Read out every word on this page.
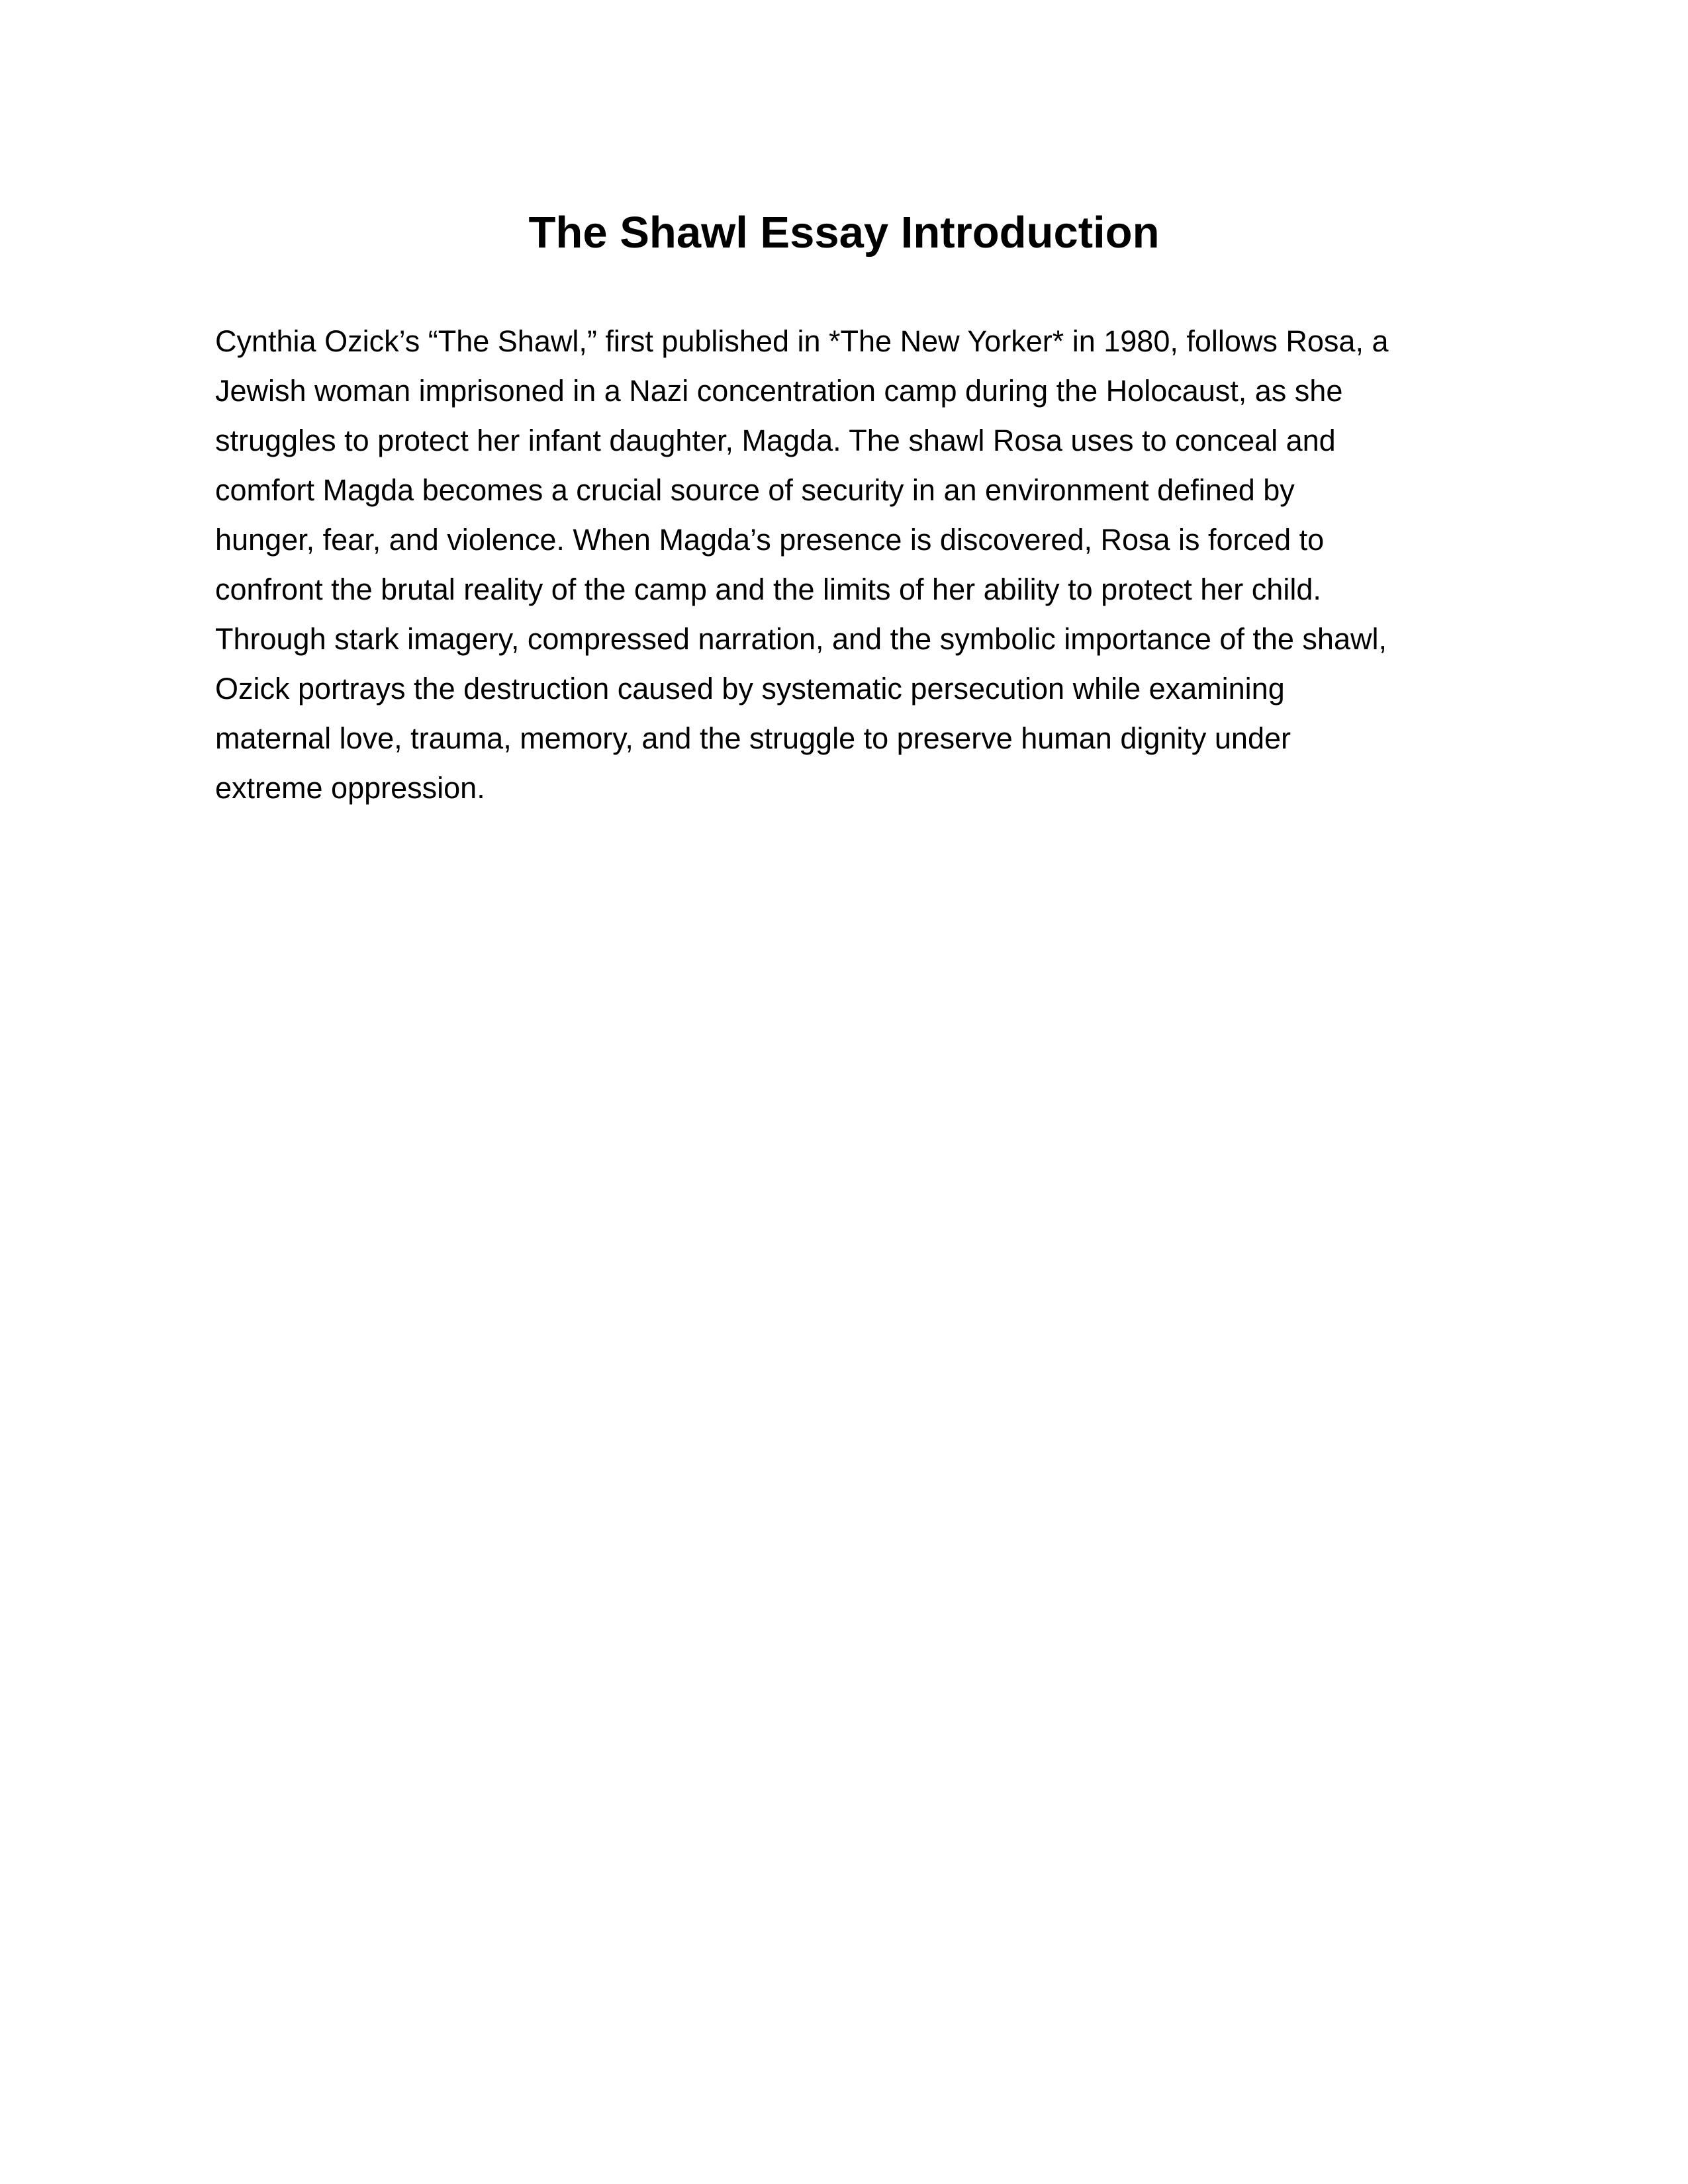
The Shawl Essay Introduction

Cynthia Ozick’s “The Shawl,” first published in *The New Yorker* in 1980, follows Rosa, a
Jewish woman imprisoned in a Nazi concentration camp during the Holocaust, as she
struggles to protect her infant daughter, Magda. The shawl Rosa uses to conceal and
comfort Magda becomes a crucial source of security in an environment defined by
hunger, fear, and violence. When Magda’s presence is discovered, Rosa is forced to
confront the brutal reality of the camp and the limits of her ability to protect her child.
Through stark imagery, compressed narration, and the symbolic importance of the shawl,
Ozick portrays the destruction caused by systematic persecution while examining
maternal love, trauma, memory, and the struggle to preserve human dignity under
extreme oppression.
